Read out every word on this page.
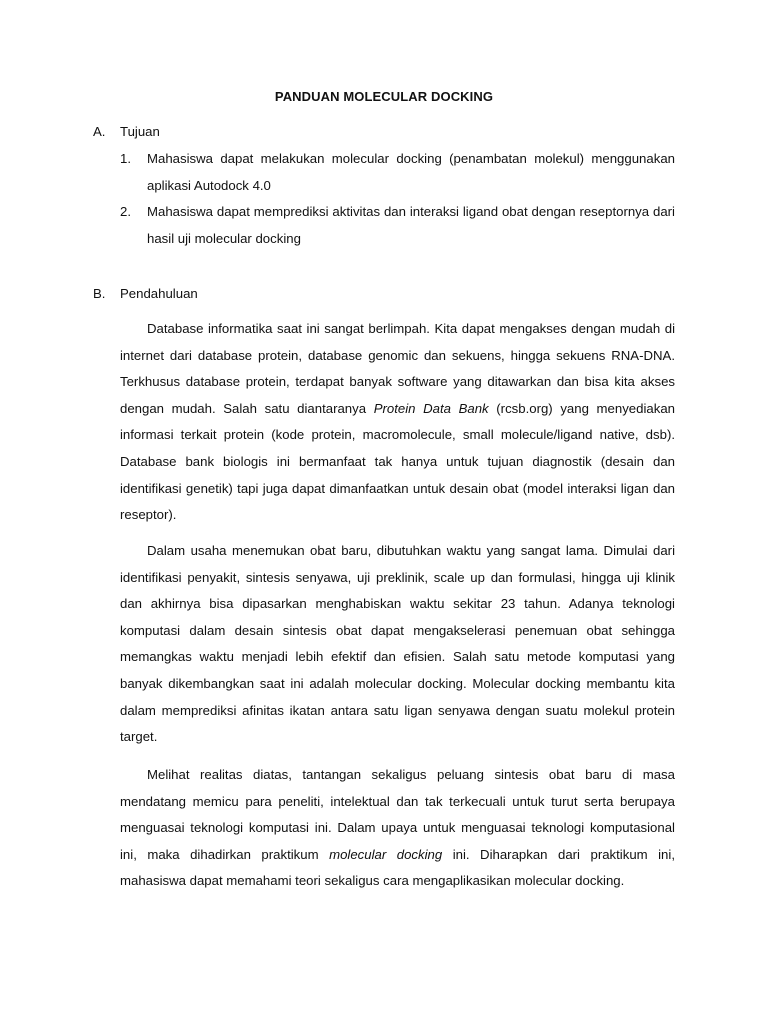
PANDUAN MOLECULAR DOCKING
A. Tujuan
1. Mahasiswa dapat melakukan molecular docking (penambatan molekul) menggunakan aplikasi Autodock 4.0
2. Mahasiswa dapat memprediksi aktivitas dan interaksi ligand obat dengan reseptornya dari hasil uji molecular docking
B. Pendahuluan

Database informatika saat ini sangat berlimpah. Kita dapat mengakses dengan mudah di internet dari database protein, database genomic dan sekuens, hingga sekuens RNA-DNA. Terkhusus database protein, terdapat banyak software yang ditawarkan dan bisa kita akses dengan mudah. Salah satu diantaranya Protein Data Bank (rcsb.org) yang menyediakan informasi terkait protein (kode protein, macromolecule, small molecule/ligand native, dsb). Database bank biologis ini bermanfaat tak hanya untuk tujuan diagnostik (desain dan identifikasi genetik) tapi juga dapat dimanfaatkan untuk desain obat (model interaksi ligan dan reseptor).

Dalam usaha menemukan obat baru, dibutuhkan waktu yang sangat lama. Dimulai dari identifikasi penyakit, sintesis senyawa, uji preklinik, scale up dan formulasi, hingga uji klinik dan akhirnya bisa dipasarkan menghabiskan waktu sekitar 23 tahun. Adanya teknologi komputasi dalam desain sintesis obat dapat mengakselerasi penemuan obat sehingga memangkas waktu menjadi lebih efektif dan efisien. Salah satu metode komputasi yang banyak dikembangkan saat ini adalah molecular docking. Molecular docking membantu kita dalam memprediksi afinitas ikatan antara satu ligan senyawa dengan suatu molekul protein target.

Melihat realitas diatas, tantangan sekaligus peluang sintesis obat baru di masa mendatang memicu para peneliti, intelektual dan tak terkecuali untuk turut serta berupaya menguasai teknologi komputasi ini. Dalam upaya untuk menguasai teknologi komputasional ini, maka dihadirkan praktikum molecular docking ini. Diharapkan dari praktikum ini, mahasiswa dapat memahami teori sekaligus cara mengaplikasikan molecular docking.
